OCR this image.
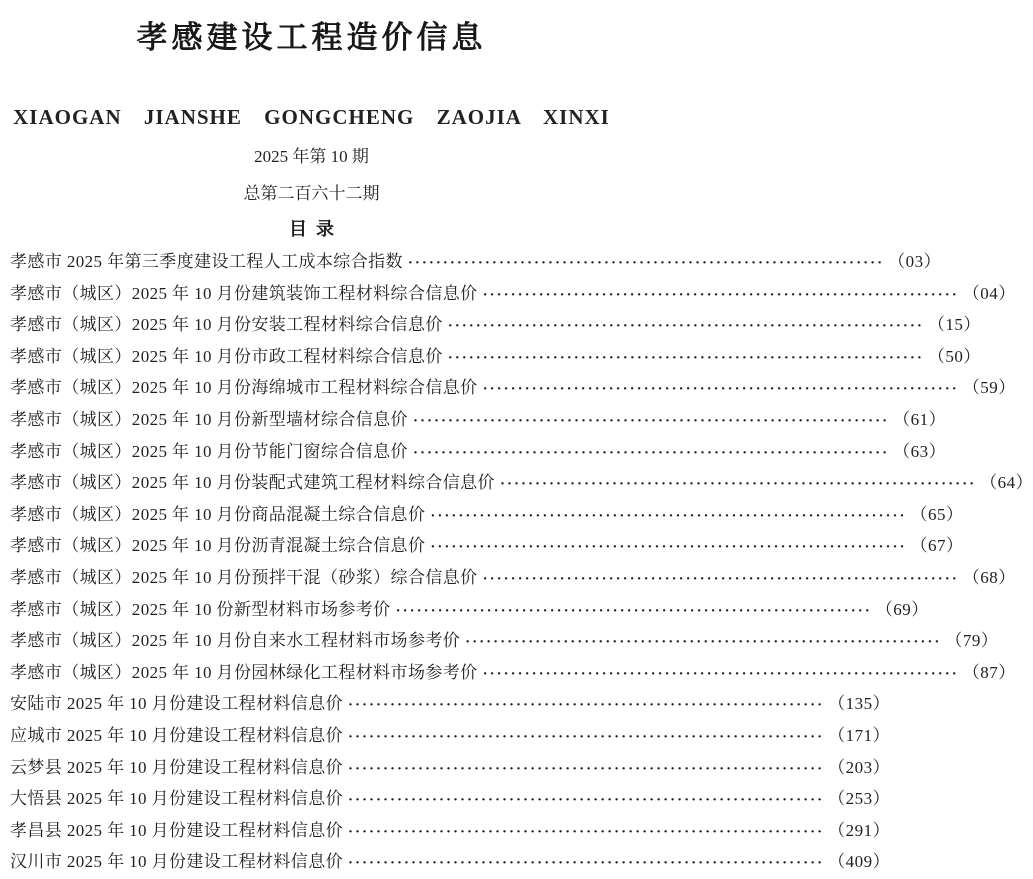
孝感建设工程造价信息
XIAOGAN JIANSHE GONGCHENG ZAOJIA XINXI
2025 年第 10 期
总第二百六十二期
目  录
孝感市 2025 年第三季度建设工程人工成本综合指数 ·····	（03）
孝感市（城区）2025 年 10 月份建筑装饰工程材料综合信息价 ·····	（04）
孝感市（城区）2025 年 10 月份安装工程材料综合信息价 ·····	（15）
孝感市（城区）2025 年 10 月份市政工程材料综合信息价 ·····	（50）
孝感市（城区）2025 年 10 月份海绵城市工程材料综合信息价 ·····	（59）
孝感市（城区）2025 年 10 月份新型墙材综合信息价 ·····	（61）
孝感市（城区）2025 年 10 月份节能门窗综合信息价 ·····	（63）
孝感市（城区）2025 年 10 月份装配式建筑工程材料综合信息价 ·····	（64）
孝感市（城区）2025 年 10 月份商品混凝土综合信息价 ·····	（65）
孝感市（城区）2025 年 10 月份沥青混凝土综合信息价 ·····	（67）
孝感市（城区）2025 年 10 月份预拌干混（砂浆）综合信息价 ·····	（68）
孝感市（城区）2025 年 10 份新型材料市场参考价 ·····	（69）
孝感市（城区）2025 年 10 月份自来水工程材料市场参考价 ·····	（79）
孝感市（城区）2025 年 10 月份园林绿化工程材料市场参考价 ·····	（87）
安陆市 2025 年 10 月份建设工程材料信息价 ·····	（135）
应城市 2025 年 10 月份建设工程材料信息价 ·····	（171）
云梦县 2025 年 10 月份建设工程材料信息价 ·····	（203）
大悟县 2025 年 10 月份建设工程材料信息价 ·····	（253）
孝昌县 2025 年 10 月份建设工程材料信息价 ·····	（291）
汉川市 2025 年 10 月份建设工程材料信息价 ·····	（409）
